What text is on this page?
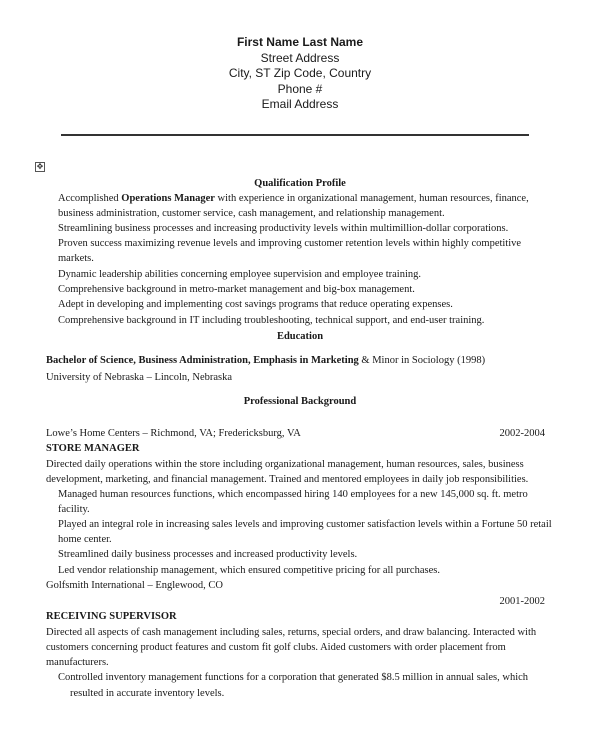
First Name Last Name
Street Address
City, ST Zip Code, Country
Phone #
Email Address
✥
Qualification Profile
Accomplished Operations Manager with experience in organizational management, human resources, finance,
business administration, customer service, cash management, and relationship management.
Streamlining business processes and increasing productivity levels within multimillion-dollar corporations.
Proven success maximizing revenue levels and improving customer retention levels within highly competitive
markets.
Dynamic leadership abilities concerning employee supervision and employee training.
Comprehensive background in metro-market management and big-box management.
Adept in developing and implementing cost savings programs that reduce operating expenses.
Comprehensive background in IT including troubleshooting, technical support, and end-user training.
Education
Bachelor of Science, Business Administration, Emphasis in Marketing & Minor in Sociology (1998)
University of Nebraska – Lincoln, Nebraska
Professional Background
Lowe’s Home Centers – Richmond, VA; Fredericksburg, VA	2002-2004
STORE MANAGER
Directed daily operations within the store including organizational management, human resources, sales, business
development, marketing, and financial management. Trained and mentored employees in daily job responsibilities.
Managed human resources functions, which encompassed hiring 140 employees for a new 145,000 sq. ft. metro
facility.
Played an integral role in increasing sales levels and improving customer satisfaction levels within a Fortune 50 retail
home center.
Streamlined daily business processes and increased productivity levels.
Led vendor relationship management, which ensured competitive pricing for all purchases.
Golfsmith International – Englewood, CO
2001-2002
RECEIVING SUPERVISOR
Directed all aspects of cash management including sales, returns, special orders, and draw balancing. Interacted with
customers concerning product features and custom fit golf clubs. Aided customers with order placement from
manufacturers.
Controlled inventory management functions for a corporation that generated $8.5 million in annual sales, which
resulted in accurate inventory levels.
